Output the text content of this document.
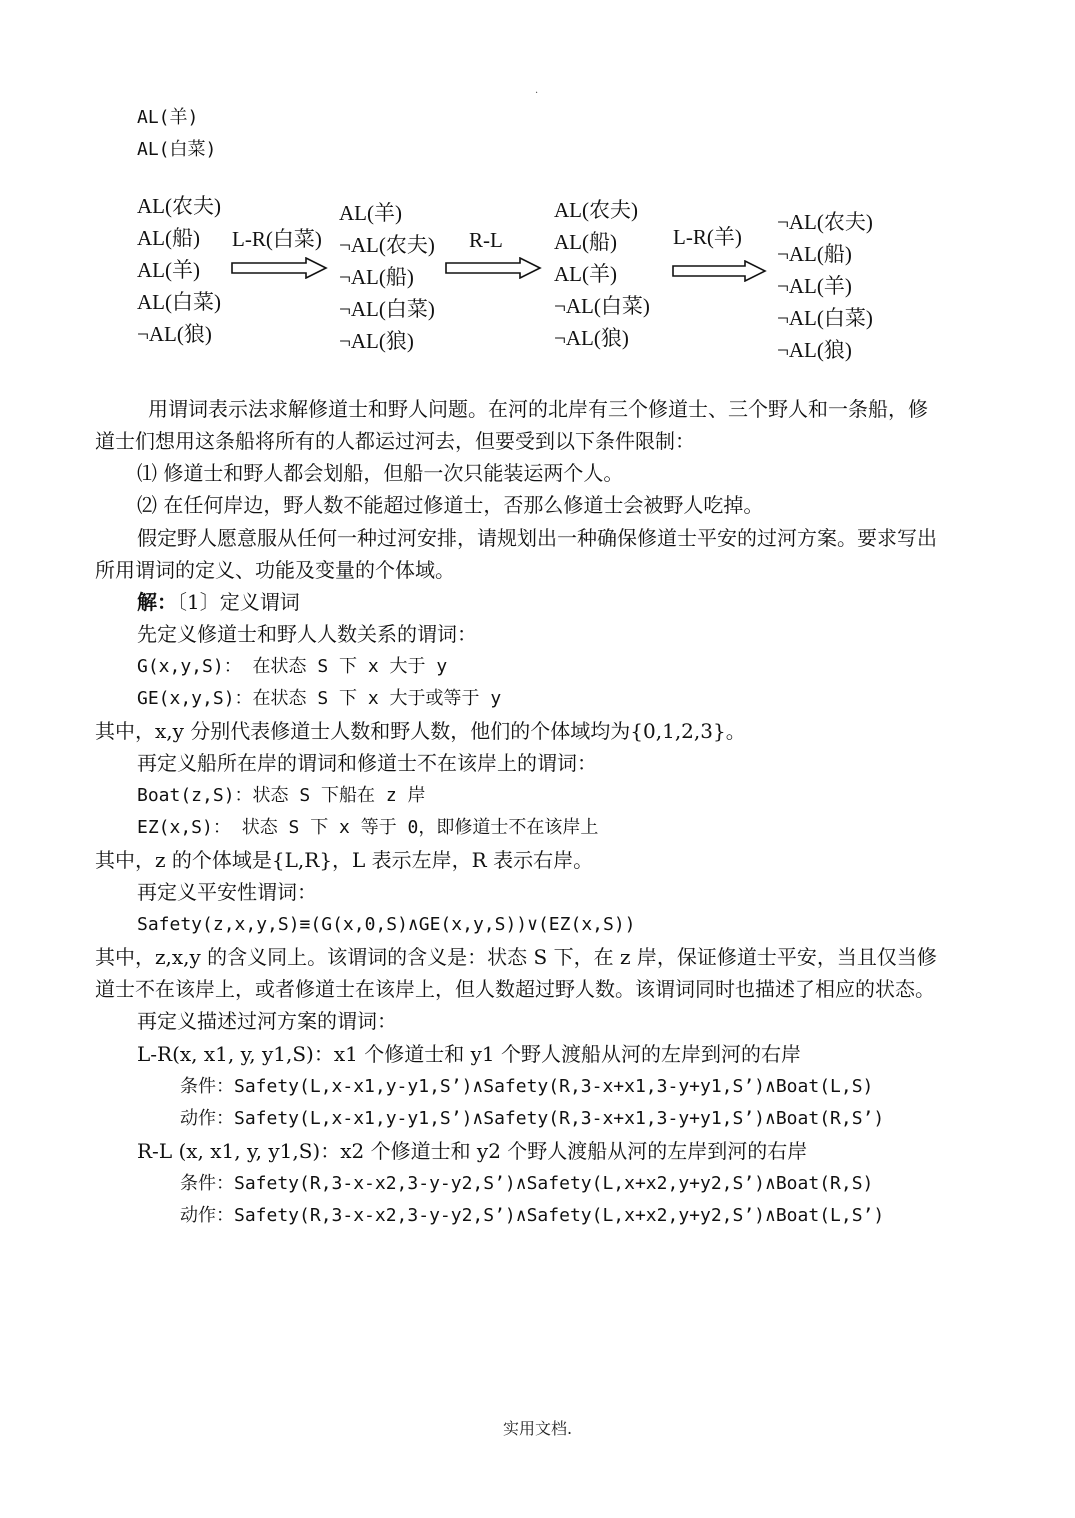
·
AL(羊)
AL(白菜)
AL(农夫)
AL(船)
AL(羊)
AL(白菜)
¬AL(狼)
L-R(白菜)
AL(羊)
¬AL(农夫)
¬AL(船)
¬AL(白菜)
¬AL(狼)
R-L
AL(农夫)
AL(船)
AL(羊)
¬AL(白菜)
¬AL(狼)
L-R(羊)
¬AL(农夫)
¬AL(船)
¬AL(羊)
¬AL(白菜)
¬AL(狼)
用谓词表示法求解修道士和野人问题。在河的北岸有三个修道士、三个野人和一条船，修
道士们想用这条船将所有的人都运过河去，但要受到以下条件限制：
⑴ 修道士和野人都会划船，但船一次只能装运两个人。
⑵ 在任何岸边，野人数不能超过修道士，否那么修道士会被野人吃掉。
假定野人愿意服从任何一种过河安排，请规划出一种确保修道士平安的过河方案。要求写出
所用谓词的定义、功能及变量的个体域。
解：〔1〕定义谓词
先定义修道士和野人人数关系的谓词：
G(x,y,S)： 在状态 S 下 x 大于 y
GE(x,y,S)：在状态 S 下 x 大于或等于 y
其中，x,y 分别代表修道士人数和野人数，他们的个体域均为{0,1,2,3}。
再定义船所在岸的谓词和修道士不在该岸上的谓词：
Boat(z,S)：状态 S 下船在 z 岸
EZ(x,S)： 状态 S 下 x 等于 0，即修道士不在该岸上
其中，z 的个体域是{L,R}，L 表示左岸，R 表示右岸。
再定义平安性谓词：
Safety(z,x,y,S)≡(G(x,0,S)∧GE(x,y,S))∨(EZ(x,S))
其中，z,x,y 的含义同上。该谓词的含义是：状态 S 下，在 z 岸，保证修道士平安，当且仅当修
道士不在该岸上，或者修道士在该岸上，但人数超过野人数。该谓词同时也描述了相应的状态。
再定义描述过河方案的谓词：
L-R(x, x1, y, y1,S)：x1 个修道士和 y1 个野人渡船从河的左岸到河的右岸
条件：Safety(L,x-x1,y-y1,S’)∧Safety(R,3-x+x1,3-y+y1,S’)∧Boat(L,S)
动作：Safety(L,x-x1,y-y1,S’)∧Safety(R,3-x+x1,3-y+y1,S’)∧Boat(R,S’)
R-L (x, x1, y, y1,S)：x2 个修道士和 y2 个野人渡船从河的左岸到河的右岸
条件：Safety(R,3-x-x2,3-y-y2,S’)∧Safety(L,x+x2,y+y2,S’)∧Boat(R,S)
动作：Safety(R,3-x-x2,3-y-y2,S’)∧Safety(L,x+x2,y+y2,S’)∧Boat(L,S’)
实用文档.
